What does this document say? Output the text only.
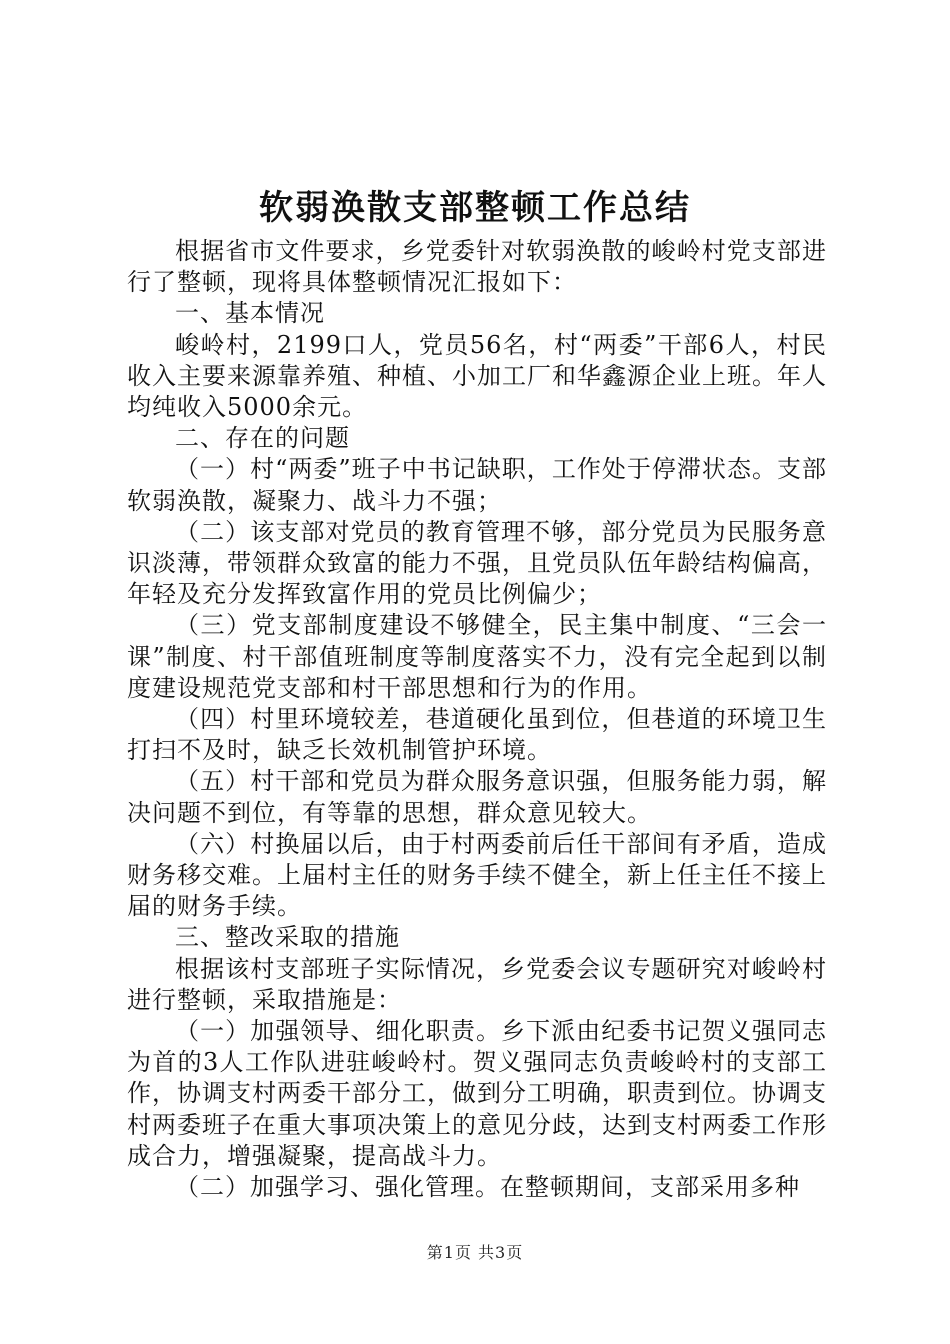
软弱涣散支部整顿工作总结

根据省市文件要求，乡党委针对软弱涣散的峻岭村党支部进行了整顿，现将具体整顿情况汇报如下：

一、基本情况

峻岭村，2199口人，党员56名，村“两委”干部6人，村民收入主要来源靠养殖、种植、小加工厂和华鑫源企业上班。年人均纯收入5000余元。

二、存在的问题

（一）村“两委”班子中书记缺职，工作处于停滞状态。支部软弱涣散，凝聚力、战斗力不强；

（二）该支部对党员的教育管理不够，部分党员为民服务意识淡薄，带领群众致富的能力不强，且党员队伍年龄结构偏高，年轻及充分发挥致富作用的党员比例偏少；

（三）党支部制度建设不够健全，民主集中制度、“三会一课”制度、村干部值班制度等制度落实不力，没有完全起到以制度建设规范党支部和村干部思想和行为的作用。

（四）村里环境较差，巷道硬化虽到位，但巷道的环境卫生打扫不及时，缺乏长效机制管护环境。

（五）村干部和党员为群众服务意识强，但服务能力弱，解决问题不到位，有等靠的思想，群众意见较大。

（六）村换届以后，由于村两委前后任干部间有矛盾，造成财务移交难。上届村主任的财务手续不健全，新上任主任不接上届的财务手续。

三、整改采取的措施

根据该村支部班子实际情况，乡党委会议专题研究对峻岭村进行整顿，采取措施是：

（一）加强领导、细化职责。乡下派由纪委书记贺义强同志为首的3人工作队进驻峻岭村。贺义强同志负责峻岭村的支部工作，协调支村两委干部分工，做到分工明确，职责到位。协调支村两委班子在重大事项决策上的意见分歧，达到支村两委工作形成合力，增强凝聚，提高战斗力。

（二）加强学习、强化管理。在整顿期间，支部采用多种

第1页 共3页
